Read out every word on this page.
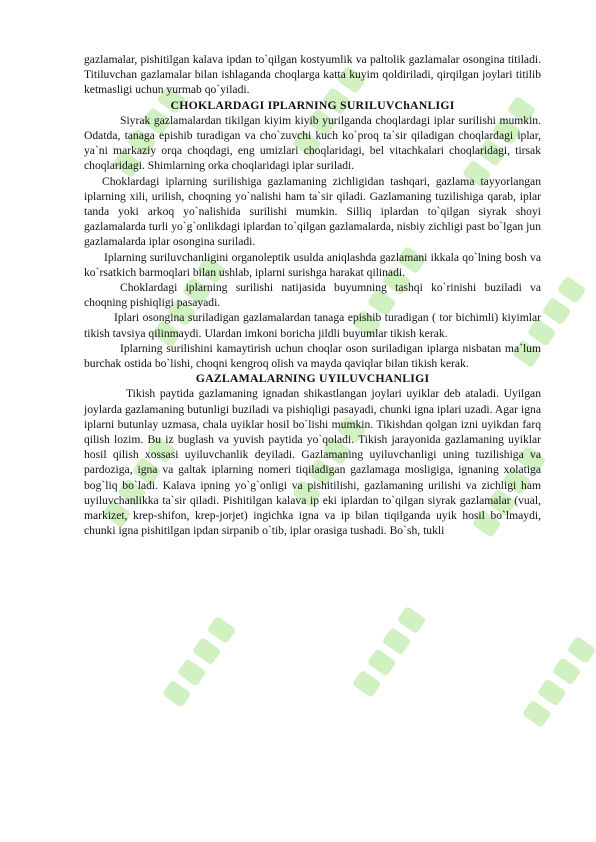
gazlamalar, pishitilgan kalava ipdan to`qilgan kostyumlik va paltolik gazlamalar osongina titiladi. Titiluvchan gazlamalar bilan ishlaganda choqlarga katta kuyim qoldiriladi, qirqilgan joylari titilib ketmasligi uchun yurmab qo`yiladi.

CHOKLARDAGI IPLARNING SURILUVChANLIGI

Siyrak gazlamalardan tikilgan kiyim kiyib yurilganda choqlardagi iplar surilishi mumkin. Odatda, tanaga epishib turadigan va cho`zuvchi kuch ko`proq ta`sir qiladigan choqlardagi iplar, ya`ni markaziy orqa choqdagi, eng umizlari choqlaridagi, bel vitachkalari choqlaridagi, tirsak choqlaridagi. Shimlarning orka choqlaridagi iplar suriladi.

Choklardagi iplarning surilishiga gazlamaning zichligidan tashqari, gazlama tayyorlangan iplarning xili, urilish, choqning yo`nalishi ham ta`sir qiladi. Gazlamaning tuzilishiga qarab, iplar tanda yoki arkoq yo`nalishida surilishi mumkin. Silliq iplardan to`qilgan siyrak shoyi gazlamalarda turli yo`g`onlikdagi iplardan to`qilgan gazlamalarda, nisbiy zichligi past bo`lgan jun gazlamalarda iplar osongina suriladi.

Iplarning suriluvchanligini organoleptik usulda aniqlashda gazlamani ikkala qo`lning bosh va ko`rsatkich barmoqlari bilan ushlab, iplarni surishga harakat qilinadi.

Choklardagi iplarning surilishi natijasida buyumning tashqi ko`rinishi buziladi va choqning pishiqligi pasayadi.

Iplari osongina suriladigan gazlamalardan tanaga epishib turadigan ( tor bichimli) kiyimlar tikish tavsiya qilinmaydi. Ulardan imkoni boricha jildli buyumlar tikish kerak.

Iplarning surilishini kamaytirish uchun choqlar oson suriladigan iplarga nisbatan ma`lum burchak ostida bo`lishi, choqni kengroq olish va mayda qaviqlar bilan tikish kerak.

GAZLAMALARNING UYILUVCHANLIGI

Tikish paytida gazlamaning ignadan shikastlangan joylari uyiklar deb ataladi. Uyilgan joylarda gazlamaning butunligi buziladi va pishiqligi pasayadi, chunki igna iplari uzadi. Agar igna iplarni butunlay uzmasa, chala uyiklar hosil bo`lishi mumkin. Tikishdan qolgan izni uyikdan farq qilish lozim. Bu iz buglash va yuvish paytida yo`qoladi. Tikish jarayonida gazlamaning uyiklar hosil qilish xossasi uyiluvchanlik deyiladi. Gazlamaning uyiluvchanligi uning tuzilishiga va pardoziga, igna va galtak iplarning nomeri tiqiladigan gazlamaga mosligiga, ignaning xolatiga bog`liq bo`ladi. Kalava ipning yo`g`onligi va pishitilishi, gazlamaning urilishi va zichligi ham uyiluvchanlikka ta`sir qiladi. Pishitilgan kalava ip eki iplardan to`qilgan siyrak gazlamalar (vual, markizet, krep-shifon, krep-jorjet) ingichka igna va ip bilan tiqilganda uyik hosil bo`lmaydi, chunki igna pishitilgan ipdan sirpanib o`tib, iplar orasiga tushadi. Bo`sh, tukli
